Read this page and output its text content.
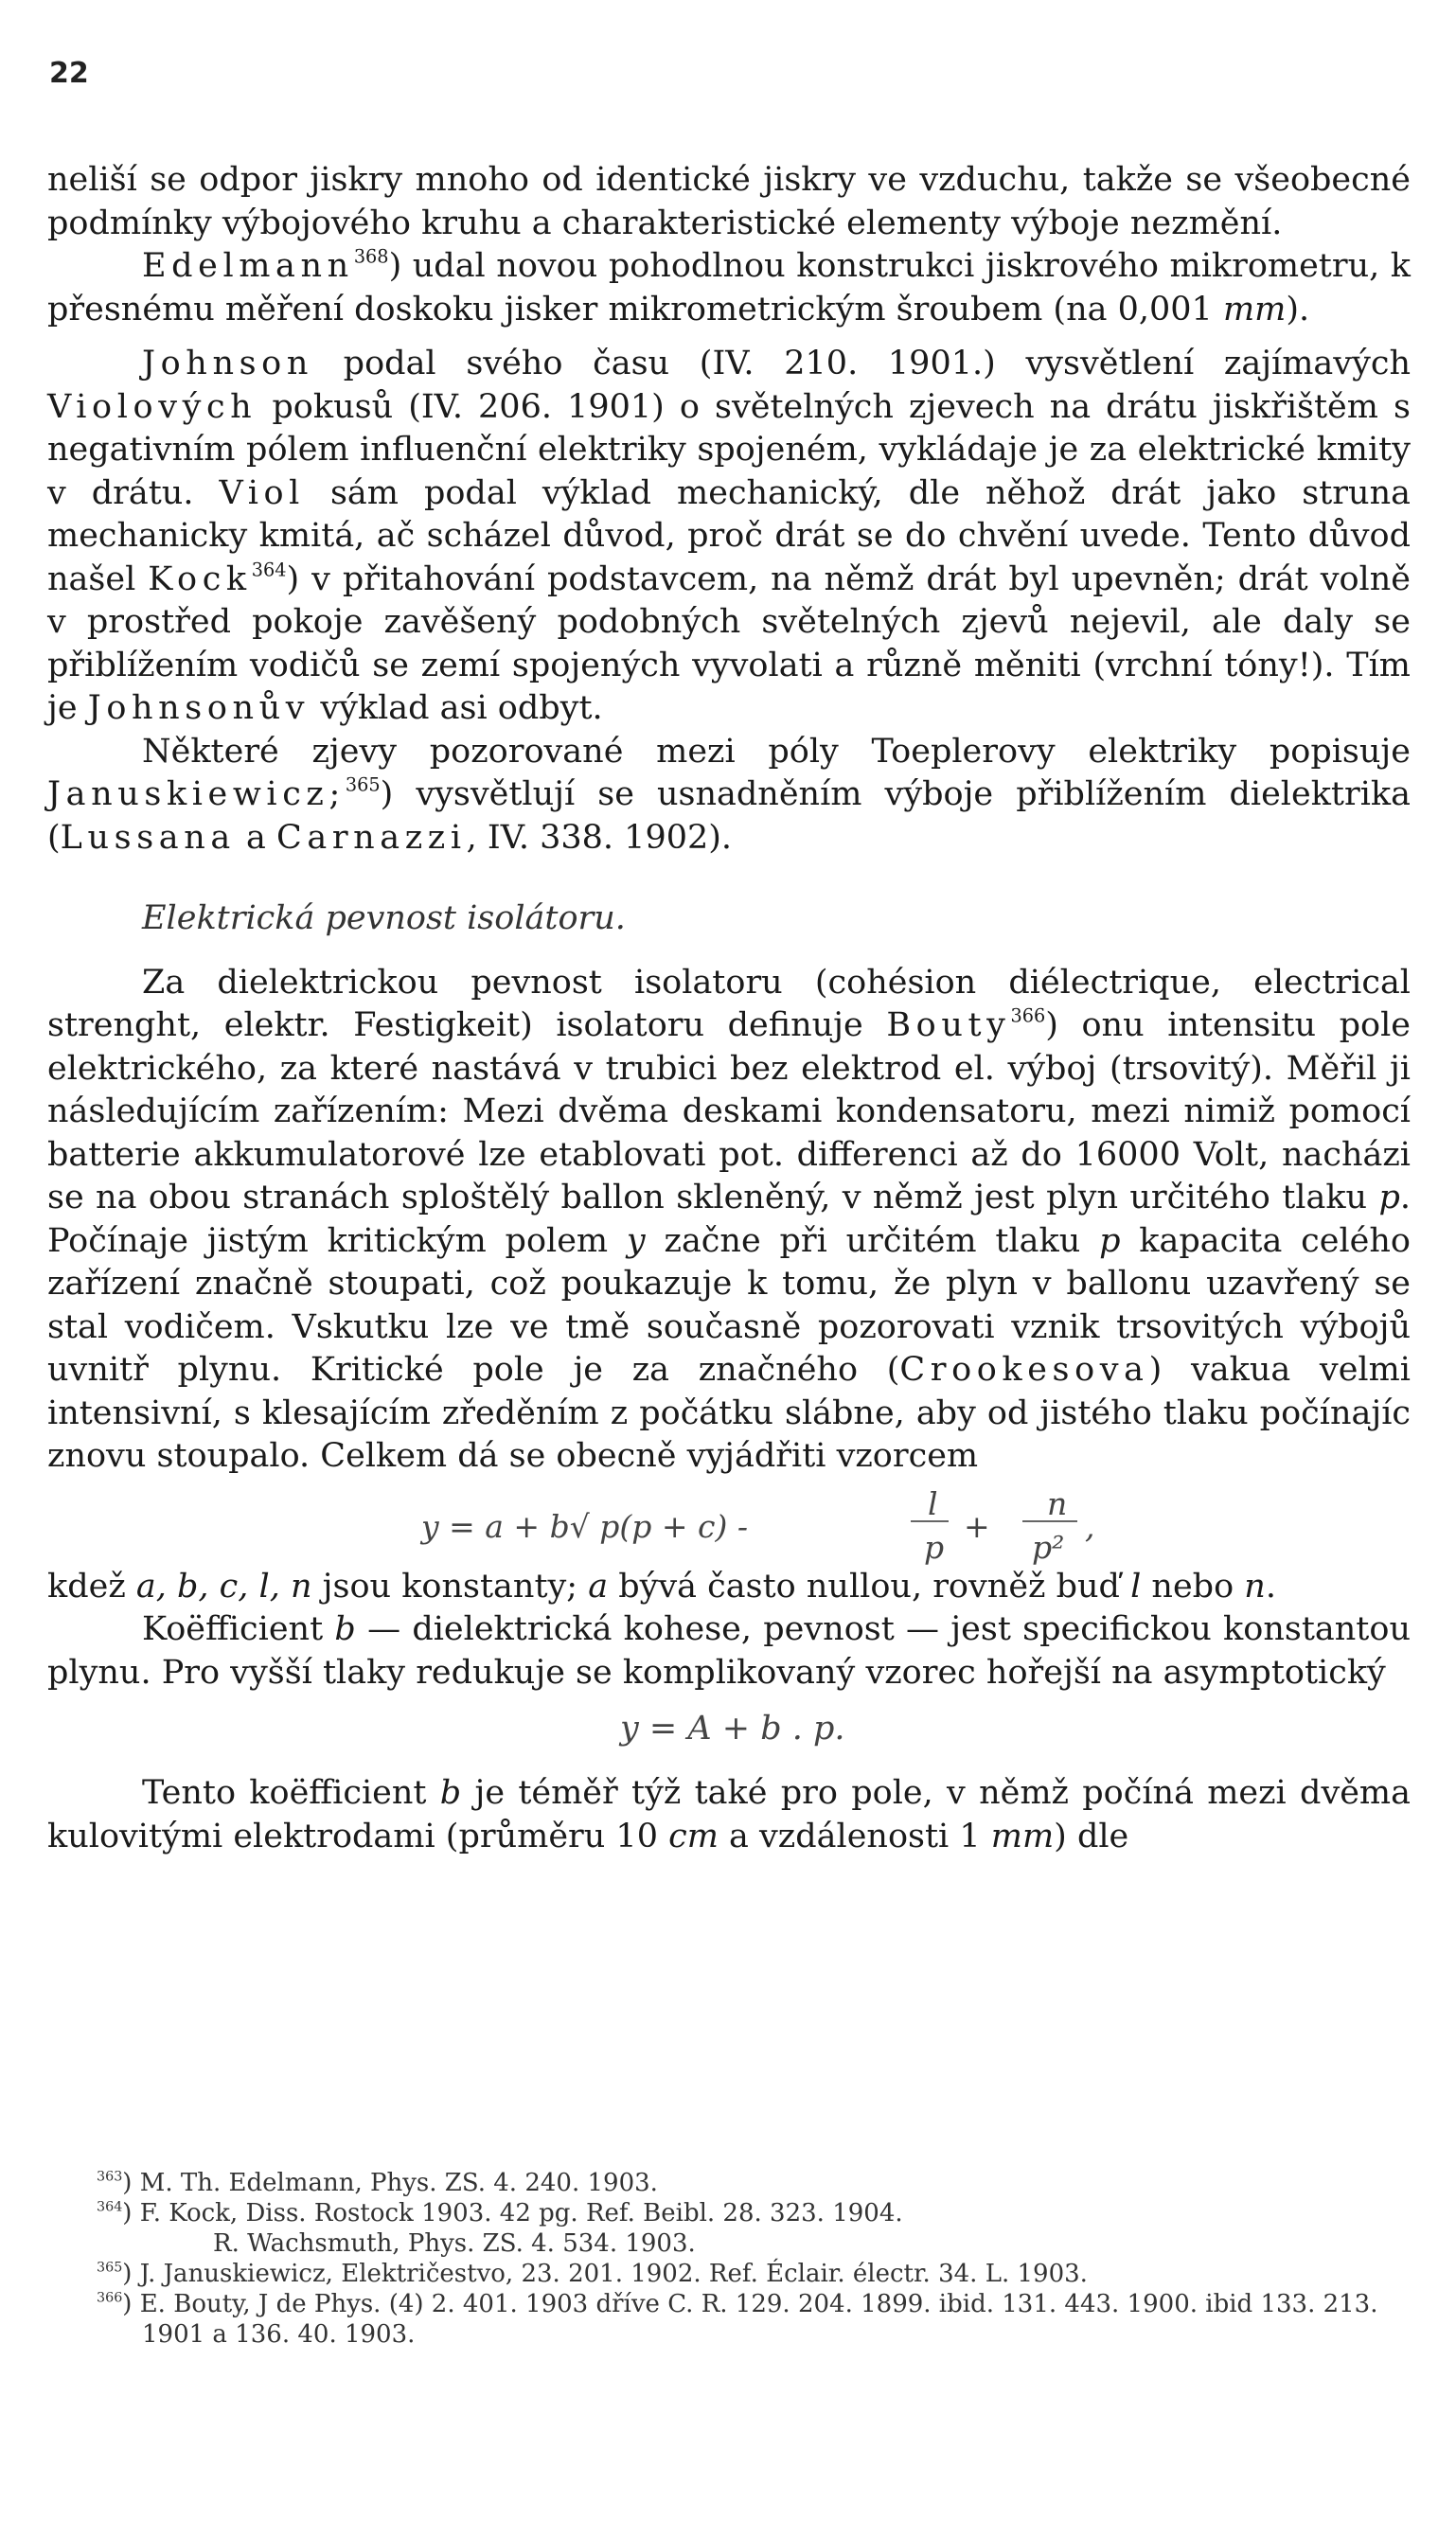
22

neliší se odpor jiskry mnoho od identické jiskry ve vzduchu, takže se všeobecné podmínky výbojového kruhu a charakteristické elementy výboje nezmění.

Edelmann$^{368}$) udal novou pohodlnou konstrukci jiskrového mikrometru, k přesnému měření doskoku jisker mikrometrickým šroubem (na 0,001 mm).

Johnson podal svého času (IV. 210. 1901.) vysvětlení zajímavých Violových pokusů (IV. 206. 1901) o světelných zjevech na drátu jiskřištěm s negativním pólem influenční elektriky spojeném, vykládaje je za elektrické kmity v drátu. Viol sám podal výklad mechanický, dle něhož drát jako struna mechanicky kmitá, ač scházel důvod, proč drát se do chvění uvede. Tento důvod našel Kock$^{364}$) v přitahování podstavcem, na němž drát byl upevněn; drát volně v prostřed pokoje zavěšený podobných světelných zjevů nejevil, ale daly se přiblížením vodičů se zemí spojených vyvolati a různě měniti (vrchní tóny!). Tím je Johnsonův výklad asi odbyt.

Některé zjevy pozorované mezi póly Toeplerovy elektriky popisuje Januskiewicz;$^{365}$) vysvětlují se usnadněním výboje přiblížením dielektrika (Lussana a Carnazzi, IV. 338. 1902).

Elektrická pevnost isolátoru.

Za dielektrickou pevnost isolatoru (cohésion diélectrique, electrical strenght, elektr. Festigkeit) isolatoru definuje Bouty$^{366}$) onu intensitu pole elektrického, za které nastává v trubici bez elektrod el. výboj (trsovitý). Měřil ji následujícím zařízením: Mezi dvěma deskami kondensatoru, mezi nimiž pomocí batterie akkumulatorové lze etablovati pot. differenci až do 16000 Volt, nacházi se na obou stranách sploštělý ballon skleněný, v němž jest plyn určitého tlaku p. Počínaje jistým kritickým polem y začne při určitém tlaku p kapacita celého zařízení značně stoupati, což poukazuje k tomu, že plyn v ballonu uzavřený se stal vodičem. Vskutku lze ve tmě současně pozorovati vznik trsovitých výbojů uvnitř plynu. Kritické pole je za značného (Crookesova) vakua velmi intensivní, s klesajícím zředěním z počátku slábne, aby od jistého tlaku počínajíc znovu stoupalo. Celkem dá se obecně vyjádřiti vzorcem

y = a + b√ p(p + c) -
l
p
+
n
p²
,

kdež a, b, c, l, n jsou konstanty; a bývá často nullou, rovněž buď l nebo n.

Koëfficient b — dielektrická kohese, pevnost — jest specifickou konstantou plynu. Pro vyšší tlaky redukuje se komplikovaný vzorec hořejší na asymptotický

y = A + b . p.

Tento koëfficient b je téměř týž také pro pole, v němž počíná mezi dvěma kulovitými elektrodami (průměru 10 cm a vzdálenosti 1 mm) dle

$^{363}$) M. Th. Edelmann, Phys. ZS. 4. 240. 1903.

$^{364}$) F. Kock, Diss. Rostock 1903. 42 pg. Ref. Beibl. 28. 323. 1904.

R. Wachsmuth, Phys. ZS. 4. 534. 1903.

$^{365}$) J. Januskiewicz, Električestvo, 23. 201. 1902. Ref. Éclair. électr. 34. L. 1903.

$^{366}$) E. Bouty, J de Phys. (4) 2. 401. 1903 dříve C. R. 129. 204. 1899. ibid. 131. 443. 1900. ibid 133. 213. 1901 a 136. 40. 1903.
